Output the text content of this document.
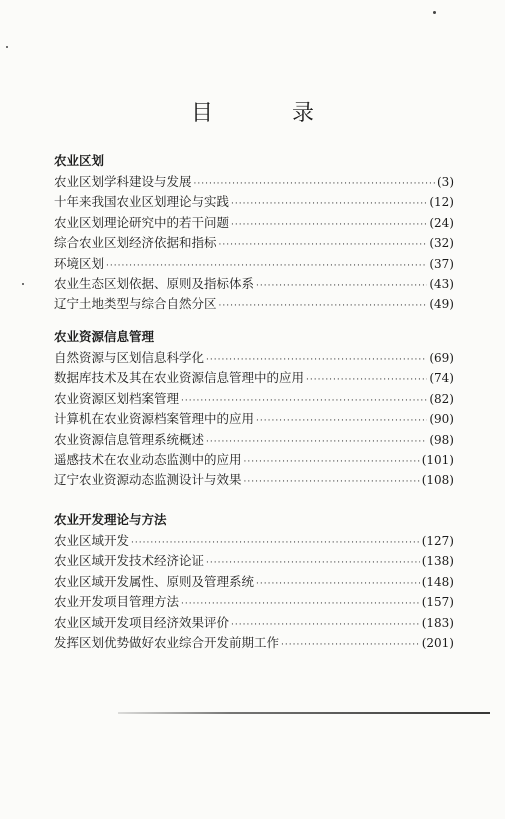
目 录
农业区划
农业区划学科建设与发展 ·····	(3)
十年来我国农业区划理论与实践 ·····	(12)
农业区划理论研究中的若干问题 ·····	(24)
综合农业区划经济依据和指标 ·····	(32)
环境区划 ·····	(37)
农业生态区划依据、原则及指标体系 ·····	(43)
辽宁土地类型与综合自然分区 ·····	(49)
农业资源信息管理
自然资源与区划信息科学化 ·····	(69)
数据库技术及其在农业资源信息管理中的应用 ·····	(74)
农业资源区划档案管理 ·····	(82)
计算机在农业资源档案管理中的应用 ·····	(90)
农业资源信息管理系统概述 ·····	(98)
遥感技术在农业动态监测中的应用 ·····	(101)
辽宁农业资源动态监测设计与效果 ·····	(108)
农业开发理论与方法
农业区域开发 ·····	(127)
农业区域开发技术经济论证 ·····	(138)
农业区域开发属性、原则及管理系统 ·····	(148)
农业开发项目管理方法 ·····	(157)
农业区域开发项目经济效果评价 ·····	(183)
发挥区划优势做好农业综合开发前期工作 ·····	(201)
